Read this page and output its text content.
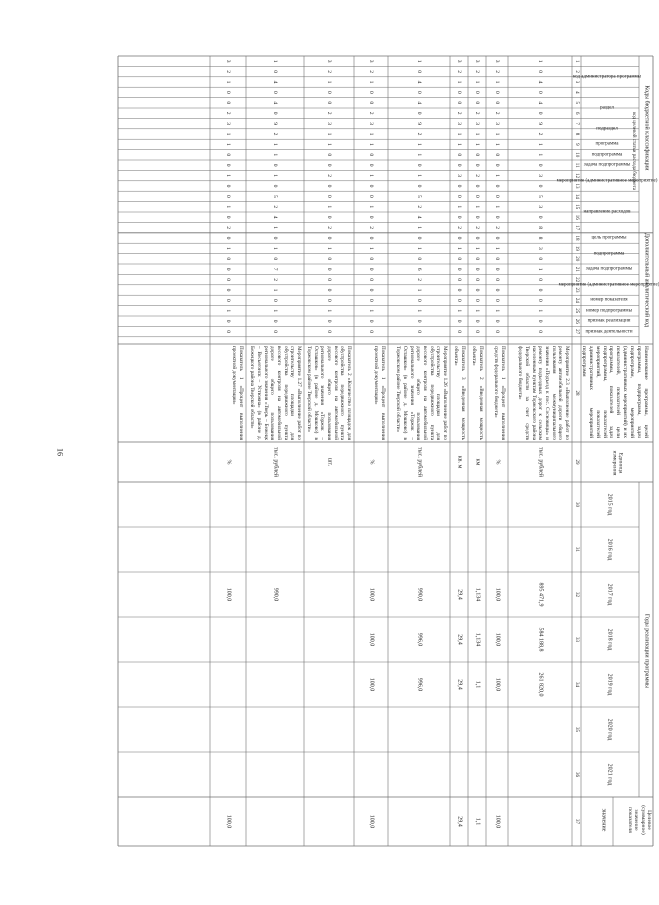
16
Коды бюджетной классификации
код целевой статьи расхода бюджета
Дополнительный аналитический код
Наименование программы, целей программы, подпрограмм, задач подпрограмм, мероприятий (административных мероприятий) и их показателей, показателей цели программы, показателей задач подпрограммы, показателей мероприятий, показателей административных мероприятий подпрограмм
Единица измерения
Годы реализации программы
Целевое (суммарное) значение показателя
значение
код администратора программы
раздел
подраздел
программа
подпрограмма
задача подпрограммы
мероприятие (административное мероприятие)
направление расходов
цель программы
подпрограмма
задача подпрограммы
мероприятие (административное мероприятие)
номер показателя
номер подпрограммы
признак реализации
признак деятельности
2015 год
2016 год
2017 год
2018 год
2019 год
2020 год
2021 год
1
2
3
4
5
6
7
8
9
10
11
12
13
14
15
16
17
18
19
20
21
22
23
24
25
26
27
28
29
30
31
32
33
34
35
36
37
1
0
4
0
4
0
9
2
1
1
0
3
0
5
3
0
8
8
3
0
1
0
0
0
1
0
0
Мероприятие 2.3 «Выполнение работ по ремонту автомобильной дороги общего пользования межмуниципального значения «Подъезд к пос. Сосновицы» и ремонту подъездных дорог к сельским населенным пунктам Торжокского района Тверской области за счет средств федерального бюджета»
тыс. рублей
895 471,9
584 188,8
261 820,0
3
2
1
0
0
2
3
1
1
0
0
1
0
0
1
0
2
0
1
0
0
0
0
0
1
0
0
Показатель 1 «Процент выполнения средств федерального бюджета»
%
100,0
100,0
100,0
100,0
3
2
1
0
0
2
3
1
1
0
0
2
0
0
1
0
2
0
1
0
0
0
0
0
1
0
0
Показатель 2 «Введенная мощность объекта»
км
1,134
1,134
1,1
1,1
3
2
1
0
0
2
3
1
1
0
0
3
0
0
1
0
2
0
1
0
0
0
0
0
1
0
0
Показатель 3 «Введенная мощность объекта»
кв. м
29,4
29,4
29,4
29,4
1
0
4
0
4
0
9
2
1
1
0
1
0
5
2
4
1
0
1
0
6
2
1
0
1
0
0
Мероприятие 1.26 «Выполнение работ по строительству площадки для обустройства передвижного пункта весового контроля на автомобильной дороге общего пользования регионального значения «Торжок – Осташков» (в районе д. Мошково) в Торжокском районе Тверской области»
тыс. рублей
990,0
996,0
996,0
3
2
1
0
0
2
3
1
1
0
0
1
0
0
1
0
2
0
1
0
0
0
0
0
1
0
0
Показатель 1 «Процент выполнения проектной документации»
%
100,0
100,0
100,0
100,0
3
2
1
0
0
2
3
1
1
0
0
2
0
0
1
0
2
0
1
0
0
0
0
0
1
0
0
Показатель 2 «Количество площадок для обустройства передвижного пункта весового контроля на автомобильной дороге общего пользования регионального значения «Торжок – Осташков» (в районе д. Мошково) в Торжокском районе Тверской области»
шт.
1
0
4
0
4
0
9
2
1
1
0
1
0
5
2
4
1
0
1
0
7
2
1
0
1
0
0
Мероприятие 1.27 «Выполнение работ по строительству площадки для обустройства передвижного пункта весового контроля на автомобильной дороге общего пользования регионального значения «Тверь – Бежецк – Весьегонск – Устюжна» (в районе д. Бежецкого района Тверской области»
тыс. рублей
990,0
3
2
1
0
0
2
3
1
1
0
0
1
0
0
1
0
2
0
1
0
0
0
0
0
1
0
0
Показатель 1 «Процент выполнения проектной документации»
%
100,0
100,0
